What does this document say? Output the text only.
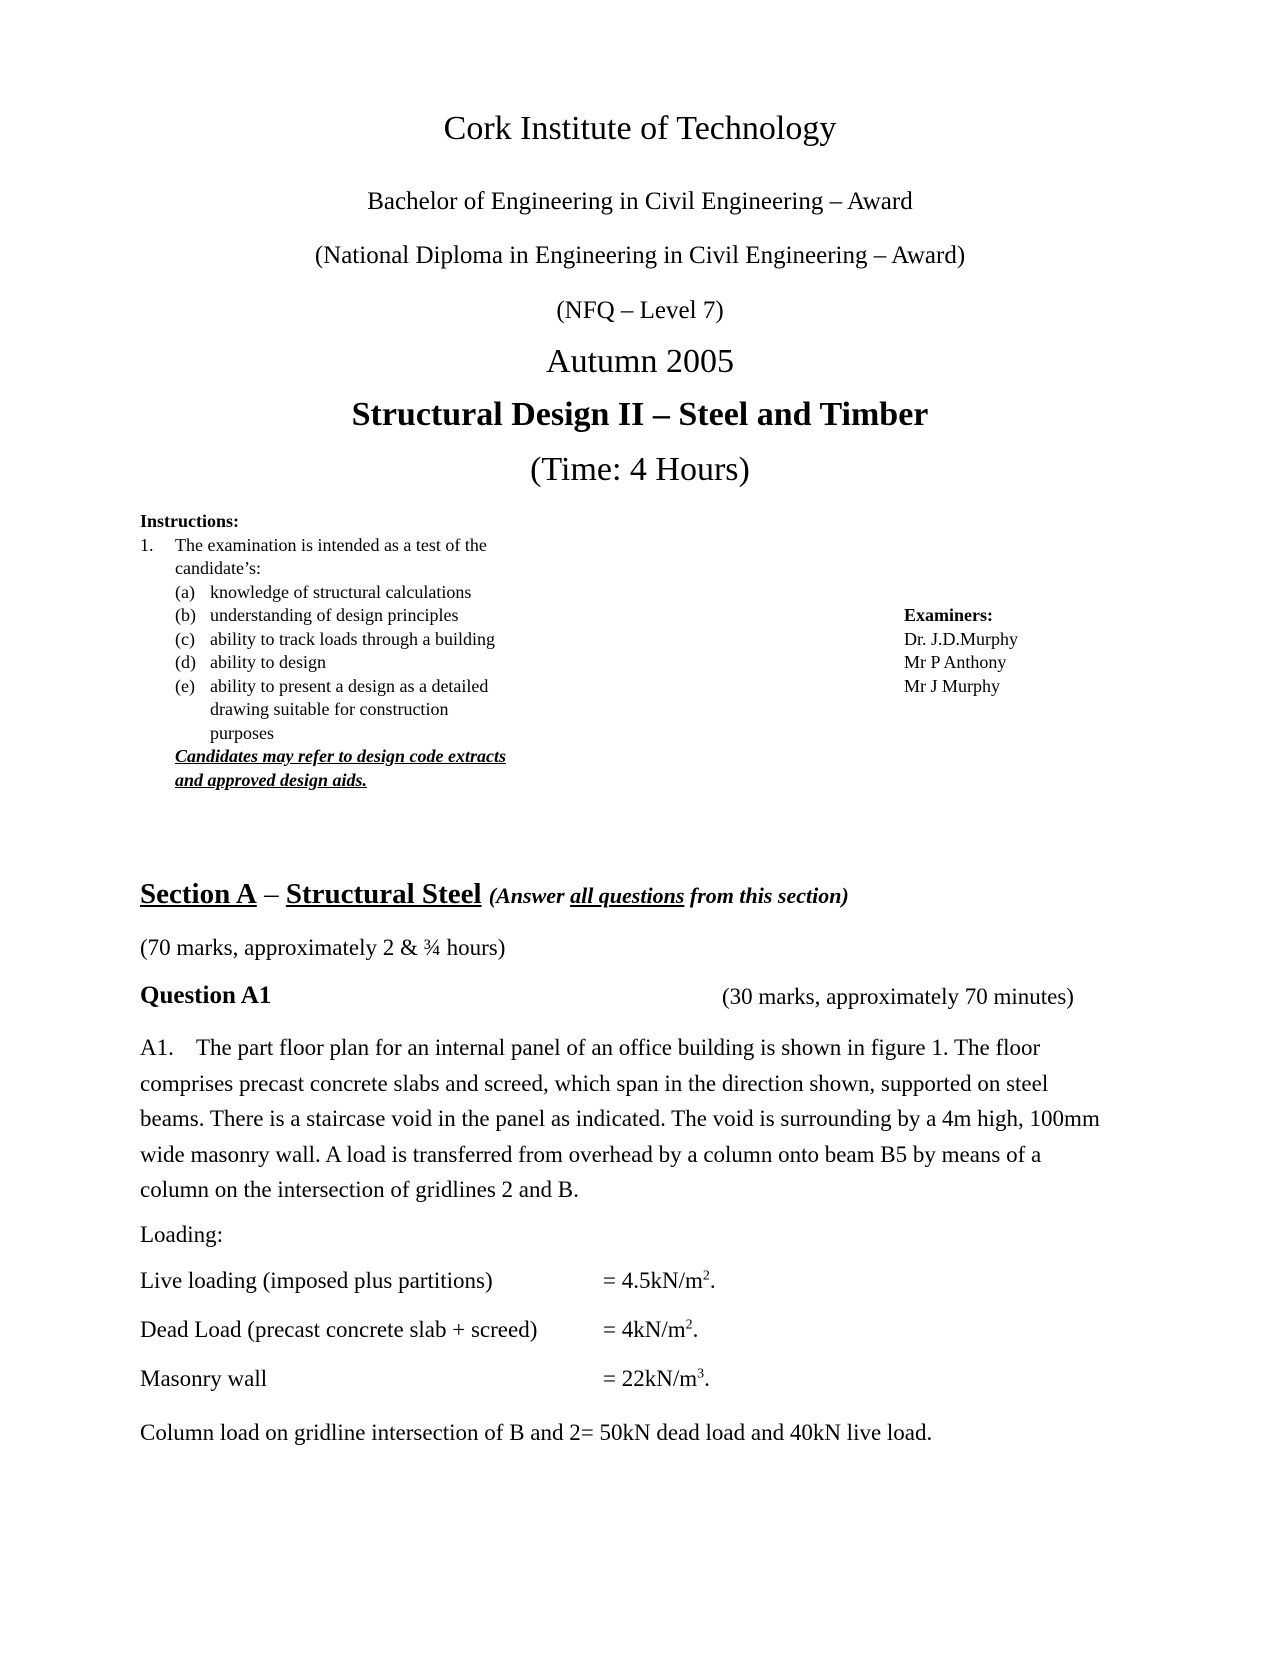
Cork Institute of Technology
Bachelor of Engineering in Civil Engineering – Award
(National Diploma in Engineering in Civil Engineering – Award)
(NFQ – Level 7)
Autumn 2005
Structural Design II – Steel and Timber
(Time: 4 Hours)
Instructions:
1.	The examination is intended as a test of the
candidate’s:
(a) knowledge of structural calculations
(b) understanding of design principles
(c) ability to track loads through a building
(d) ability to design
(e) ability to present a design as a detailed
drawing suitable for construction
purposes
Candidates may refer to design code extracts
and approved design aids.
Examiners:
Dr. J.D.Murphy
Mr P Anthony
Mr J Murphy
Section A – Structural Steel (Answer all questions from this section)
(70 marks, approximately 2 & ¾ hours)
Question A1	(30 marks, approximately 70 minutes)
A1. The part floor plan for an internal panel of an office building is shown in figure 1. The floor
comprises precast concrete slabs and screed, which span in the direction shown, supported on steel
beams. There is a staircase void in the panel as indicated. The void is surrounding by a 4m high, 100mm
wide masonry wall. A load is transferred from overhead by a column onto beam B5 by means of a
column on the intersection of gridlines 2 and B.
Loading:
Live loading (imposed plus partitions)	= $4.5kN/m^2$.
Dead Load (precast concrete slab + screed)	= $4kN/m^2$.
Masonry wall	= $22kN/m^3$.
Column load on gridline intersection of B and 2= 50kN dead load and 40kN live load.
